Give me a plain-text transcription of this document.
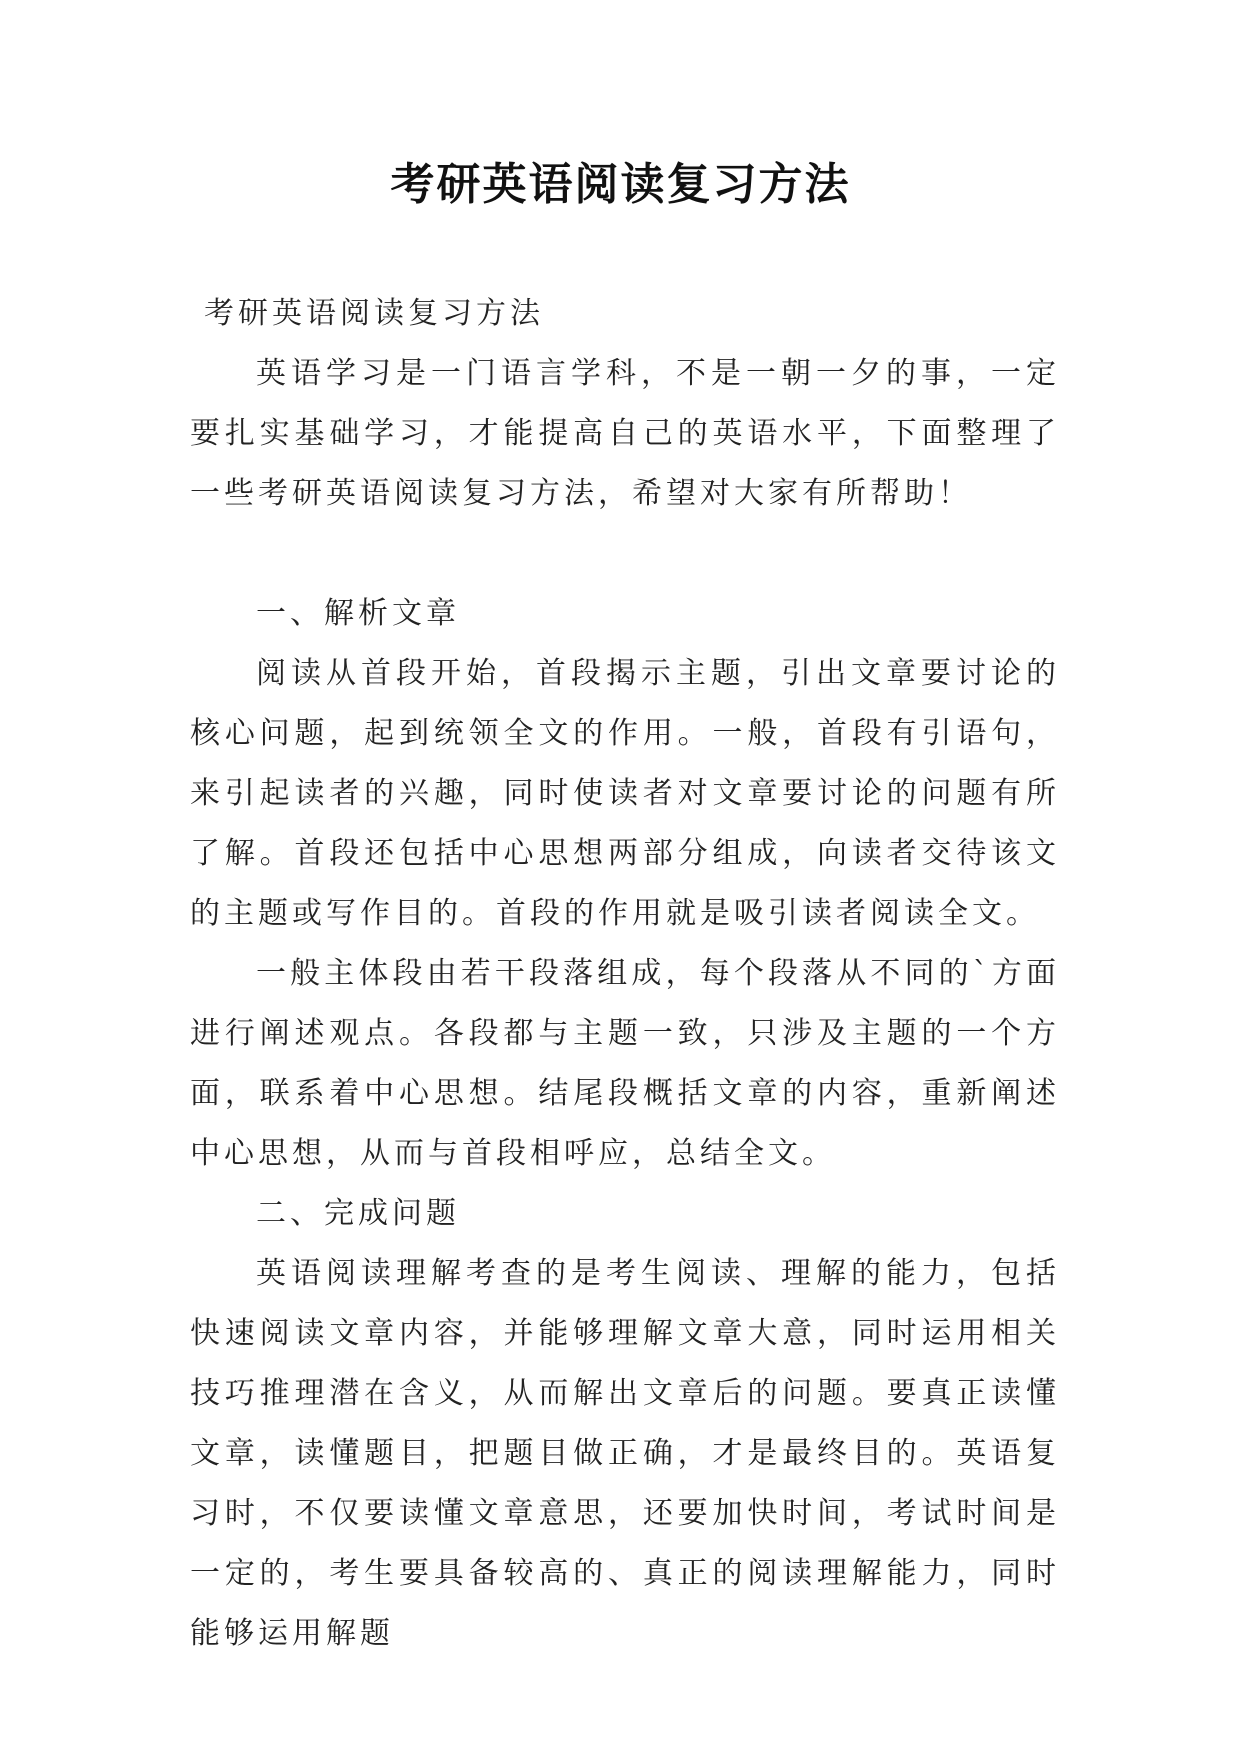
考研英语阅读复习方法

考研英语阅读复习方法

英语学习是一门语言学科，不是一朝一夕的事，一定要扎实基础学习，才能提高自己的英语水平，下面整理了一些考研英语阅读复习方法，希望对大家有所帮助！

一、解析文章

阅读从首段开始，首段揭示主题，引出文章要讨论的核心问题，起到统领全文的作用。一般，首段有引语句，来引起读者的兴趣，同时使读者对文章要讨论的问题有所了解。首段还包括中心思想两部分组成，向读者交待该文的主题或写作目的。首段的作用就是吸引读者阅读全文。

一般主体段由若干段落组成，每个段落从不同的`方面进行阐述观点。各段都与主题一致，只涉及主题的一个方面，联系着中心思想。结尾段概括文章的内容，重新阐述中心思想，从而与首段相呼应，总结全文。

二、完成问题

英语阅读理解考查的是考生阅读、理解的能力，包括快速阅读文章内容，并能够理解文章大意，同时运用相关技巧推理潜在含义，从而解出文章后的问题。要真正读懂文章，读懂题目，把题目做正确，才是最终目的。英语复习时，不仅要读懂文章意思，还要加快时间，考试时间是一定的，考生要具备较高的、真正的阅读理解能力，同时能够运用解题
